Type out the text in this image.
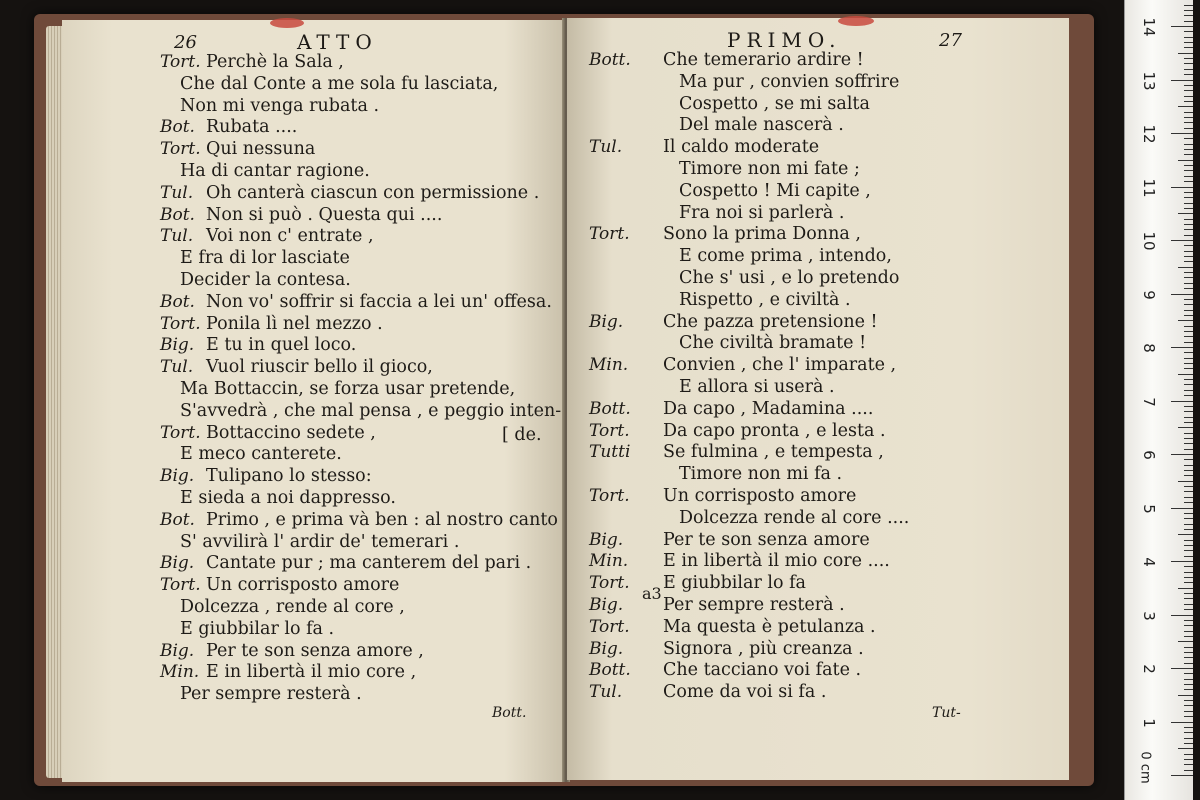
26	ATTO
Tort. Perchè la Sala ,
Che dal Conte a me sola fu lasciata,
Non mi venga rubata .
Bot. Rubata ....
Tort. Qui nessuna
Ha di cantar ragione.
Tul. Oh canterà ciascun con permissione .
Bot. Non si può . Questa qui ....
Tul. Voi non c' entrate ,
E fra di lor lasciate
Decider la contesa.
Bot. Non vo' soffrir si faccia a lei un' offesa.
Tort. Ponila lì nel mezzo .
Big. E tu in quel loco.
Tul. Vuol riuscir bello il gioco,
Ma Bottaccin, se forza usar pretende,
S'avvedrà , che mal pensa , e peggio inten-
Tort. Bottaccino sedete ,
E meco canterete.
Big. Tulipano lo stesso:
E sieda a noi dappresso.
Bot. Primo , e prima và ben : al nostro canto
S' avvilirà l' ardir de' temerari .
Big. Cantate pur ; ma canterem del pari .
Tort. Un corrisposto amore
Dolcezza , rende al core ,
E giubbilar lo fa .
Big. Per te son senza amore ,
Min. E in libertà il mio core ,
Per sempre resterà .
[ de.
Bott.
PRIMO.	27
Bott. Che temerario ardire !
Ma pur , convien soffrire
Cospetto , se mi salta
Del male nascerà .
Tul. Il caldo moderate
Timore non mi fate ;
Cospetto ! Mi capite ,
Fra noi si parlerà .
Tort. Sono la prima Donna ,
E come prima , intendo,
Che s' usi , e lo pretendo
Rispetto , e civiltà .
Big. Che pazza pretensione !
Che civiltà bramate !
Min. Convien , che l' imparate ,
E allora si userà .
Bott. Da capo , Madamina ....
Tort. Da capo pronta , e lesta .
Tutti Se fulmina , e tempesta ,
Timore non mi fa .
Tort. Un corrisposto amore
Dolcezza rende al core ....
Big. Per te son senza amore
Min. E in libertà il mio core ....
Tort. E giubbilar lo fa
Big. Per sempre resterà .
Tort. Ma questa è petulanza .
Big. Signora , più creanza .
Bott. Che tacciano voi fate .
Tul. Come da voi si fa .
a3
Tut-
0 cm
1
2
3
4
5
6
7
8
9
10
11
12
13
14
